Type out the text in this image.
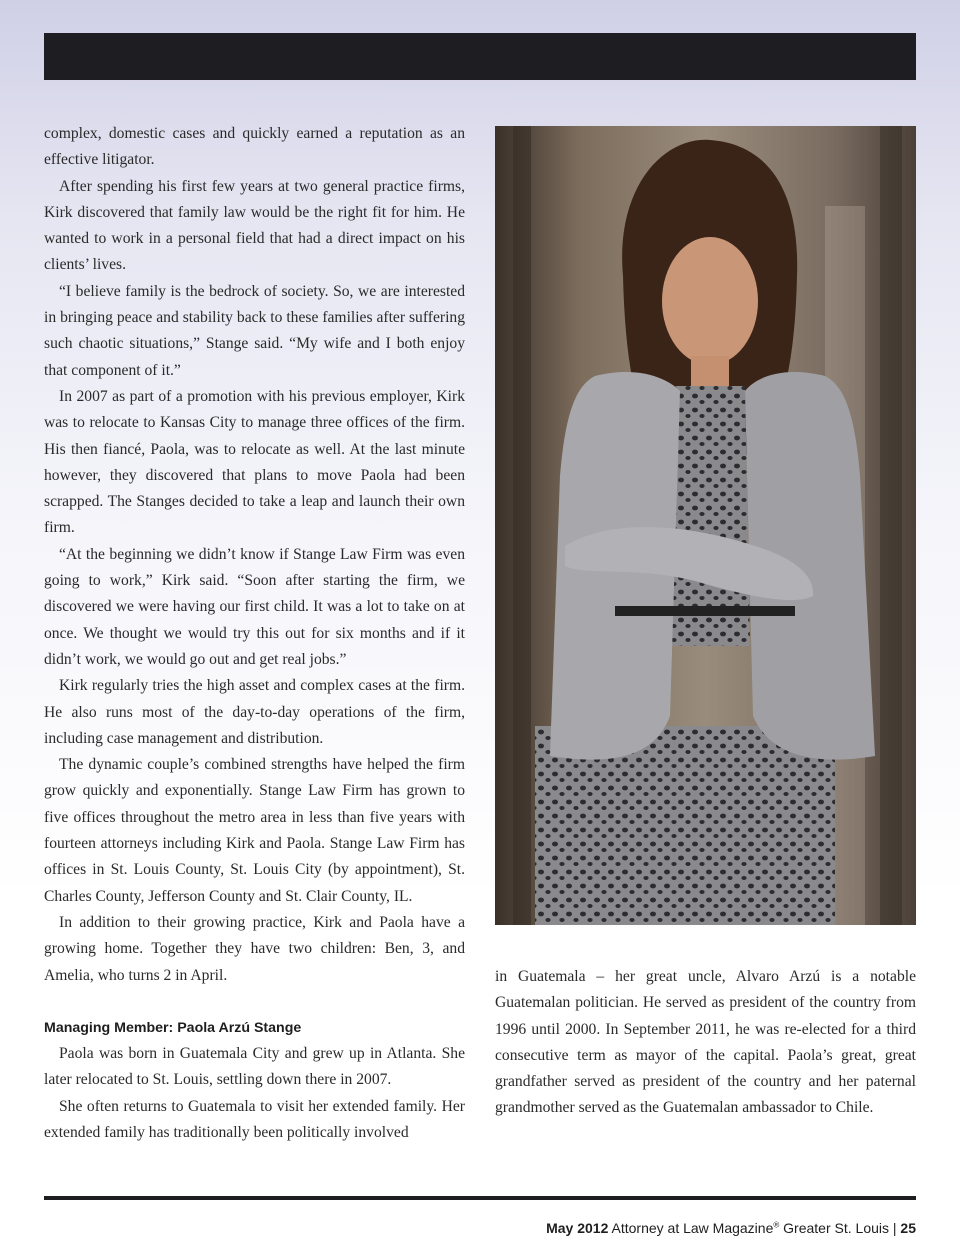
complex, domestic cases and quickly earned a reputation as an effective litigator.

After spending his first few years at two general practice firms, Kirk discovered that family law would be the right fit for him. He wanted to work in a personal field that had a direct impact on his clients’ lives.

“I believe family is the bedrock of society. So, we are interested in bringing peace and stability back to these families after suffering such chaotic situations,” Stange said. “My wife and I both enjoy that component of it.”

In 2007 as part of a promotion with his previous employer, Kirk was to relocate to Kansas City to manage three offices of the firm. His then fiancé, Paola, was to relocate as well. At the last minute however, they discovered that plans to move Paola had been scrapped. The Stanges decided to take a leap and launch their own firm.

“At the beginning we didn’t know if Stange Law Firm was even going to work,” Kirk said. “Soon after starting the firm, we discovered we were having our first child. It was a lot to take on at once. We thought we would try this out for six months and if it didn’t work, we would go out and get real jobs.”

Kirk regularly tries the high asset and complex cases at the firm. He also runs most of the day-to-day operations of the firm, including case management and distribution.

The dynamic couple’s combined strengths have helped the firm grow quickly and exponentially. Stange Law Firm has grown to five offices throughout the metro area in less than five years with fourteen attorneys including Kirk and Paola. Stange Law Firm has offices in St. Louis County, St. Louis City (by appointment), St. Charles County, Jefferson County and St. Clair County, IL.

In addition to their growing practice, Kirk and Paola have a growing home. Together they have two children: Ben, 3, and Amelia, who turns 2 in April.

Managing Member: Paola Arzú Stange

Paola was born in Guatemala City and grew up in Atlanta. She later relocated to St. Louis, settling down there in 2007.

She often returns to Guatemala to visit her extended family. Her extended family has traditionally been politically involved

in Guatemala – her great uncle, Alvaro Arzú is a notable Guatemalan politician. He served as president of the country from 1996 until 2000. In September 2011, he was re-elected for a third consecutive term as mayor of the capital. Paola’s great, great grandfather served as president of the country and her paternal grandmother served as the Guatemalan ambassador to Chile.

May 2012 Attorney at Law Magazine® Greater St. Louis | 25
